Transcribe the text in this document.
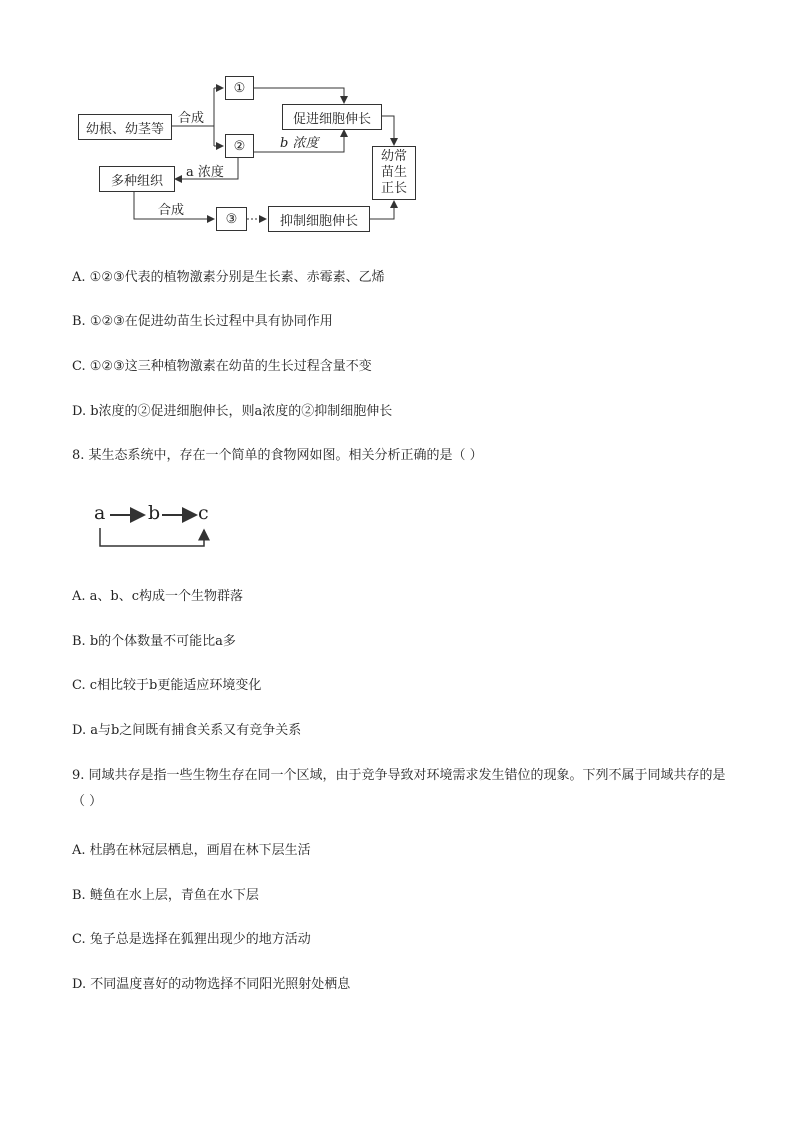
幼根、幼茎等
合成
①
②
促进细胞伸长
b 浓度
多种组织
a 浓度
幼常
苗生
正长
合成
③	抑制细胞伸长
A. ①②③代表的植物激素分别是生长素、赤霉素、乙烯
B. ①②③在促进幼苗生长过程中具有协同作用
C. ①②③这三种植物激素在幼苗的生长过程含量不变
D. b浓度的②促进细胞伸长，则a浓度的②抑制细胞伸长
8. 某生态系统中，存在一个简单的食物网如图。相关分析正确的是（ ）
a b c
A. a、b、c构成一个生物群落
B. b的个体数量不可能比a多
C. c相比较于b更能适应环境变化
D. a与b之间既有捕食关系又有竞争关系
9. 同域共存是指一些生物生存在同一个区域，由于竞争导致对环境需求发生错位的现象。下列不属于同域共存的是（ ）
A. 杜鹃在林冠层栖息，画眉在林下层生活
B. 鲢鱼在水上层，青鱼在水下层
C. 兔子总是选择在狐狸出现少的地方活动
D. 不同温度喜好的动物选择不同阳光照射处栖息
